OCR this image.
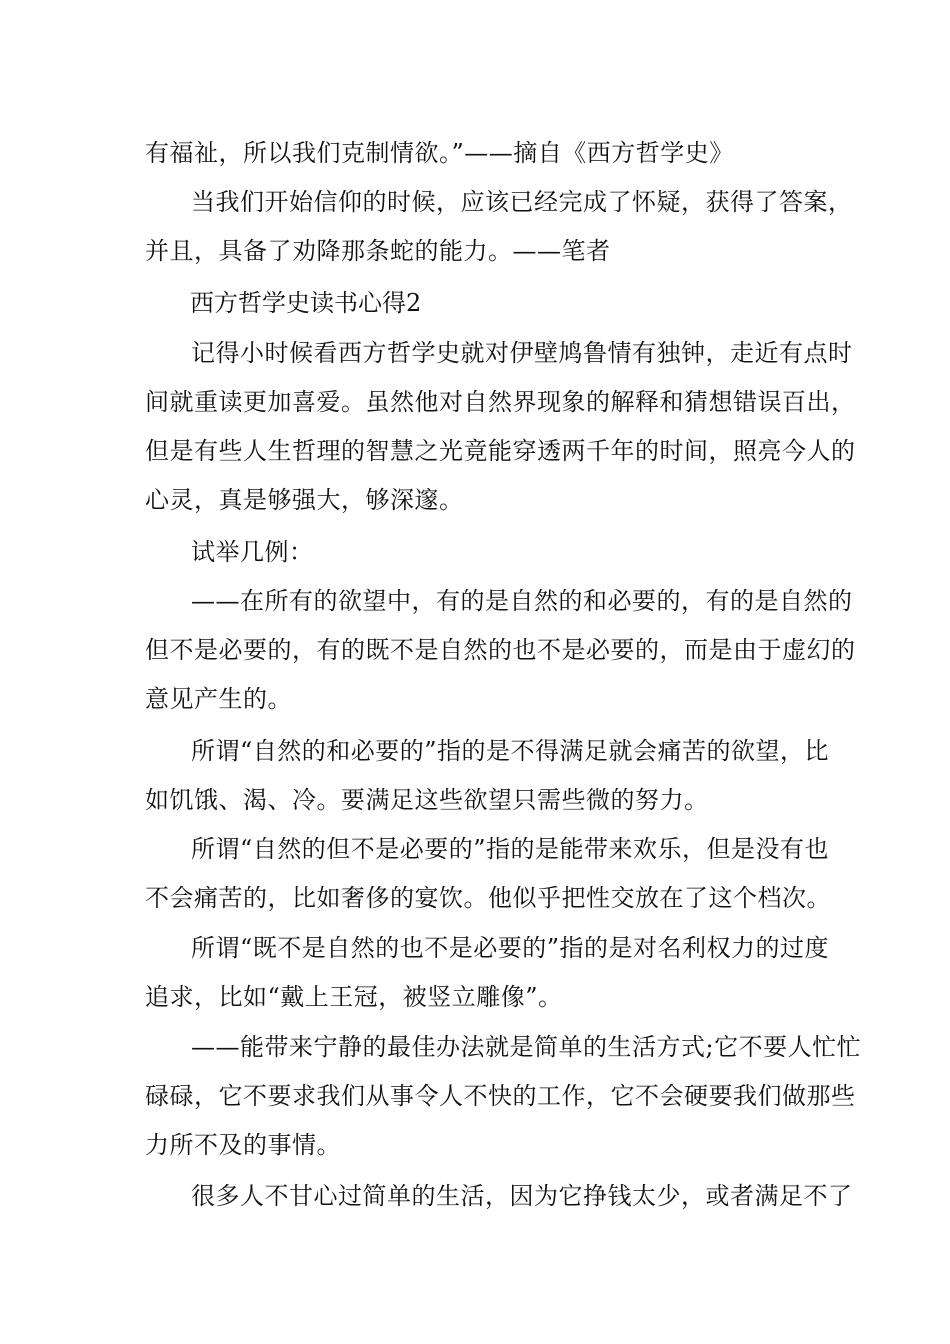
有福祉，所以我们克制情欲。”——摘自《西方哲学史》
当我们开始信仰的时候，应该已经完成了怀疑，获得了答案，
并且，具备了劝降那条蛇的能力。——笔者
西方哲学史读书心得2
记得小时候看西方哲学史就对伊壁鸠鲁情有独钟，走近有点时
间就重读更加喜爱。虽然他对自然界现象的解释和猜想错误百出，
但是有些人生哲理的智慧之光竟能穿透两千年的时间，照亮今人的
心灵，真是够强大，够深邃。
试举几例：
——在所有的欲望中，有的是自然的和必要的，有的是自然的
但不是必要的，有的既不是自然的也不是必要的，而是由于虚幻的
意见产生的。
所谓“自然的和必要的”指的是不得满足就会痛苦的欲望，比
如饥饿、渴、冷。要满足这些欲望只需些微的努力。
所谓“自然的但不是必要的”指的是能带来欢乐，但是没有也
不会痛苦的，比如奢侈的宴饮。他似乎把性交放在了这个档次。
所谓“既不是自然的也不是必要的”指的是对名利权力的过度
追求，比如“戴上王冠，被竖立雕像”。
——能带来宁静的最佳办法就是简单的生活方式;它不要人忙忙
碌碌，它不要求我们从事令人不快的工作，它不会硬要我们做那些
力所不及的事情。
很多人不甘心过简单的生活，因为它挣钱太少，或者满足不了
